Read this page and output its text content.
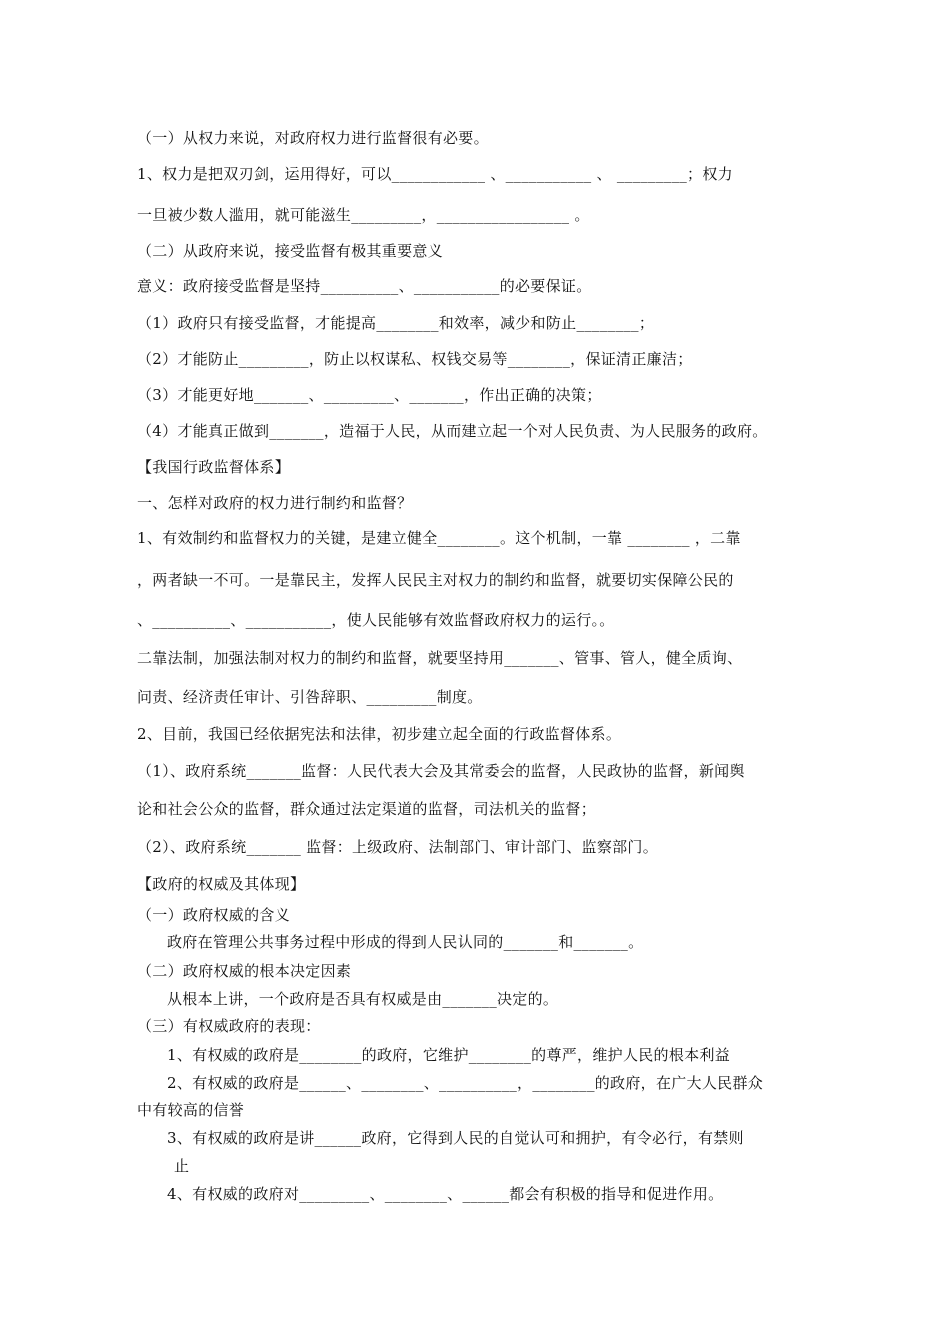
（一）从权力来说，对政府权力进行监督很有必要。
1、权力是把双刃剑，运用得好，可以____________ 、___________ 、 _________；权力
一旦被少数人滥用，就可能滋生_________，_________________ 。
（二）从政府来说，接受监督有极其重要意义
意义：政府接受监督是坚持__________、___________的必要保证。
（1）政府只有接受监督，才能提高________和效率，减少和防止________；
（2）才能防止_________，防止以权谋私、权钱交易等________，保证清正廉洁；
（3）才能更好地_______、_________、_______，作出正确的决策；
（4）才能真正做到_______，造福于人民，从而建立起一个对人民负责、为人民服务的政府。
【我国行政监督体系】
一、怎样对政府的权力进行制约和监督？
1、有效制约和监督权力的关键，是建立健全________。这个机制，一靠 ________ ，二靠
，两者缺一不可。一是靠民主，发挥人民民主对权力的制约和监督，就要切实保障公民的
、__________、___________，使人民能够有效监督政府权力的运行。。
二靠法制，加强法制对权力的制约和监督，就要坚持用_______、管事、管人，健全质询、
问责、经济责任审计、引咎辞职、_________制度。
2、目前，我国已经依据宪法和法律，初步建立起全面的行政监督体系。
（1）、政府系统_______监督：人民代表大会及其常委会的监督，人民政协的监督，新闻舆
论和社会公众的监督，群众通过法定渠道的监督，司法机关的监督；
（2）、政府系统_______ 监督：上级政府、法制部门、审计部门、监察部门。
【政府的权威及其体现】
（一）政府权威的含义
政府在管理公共事务过程中形成的得到人民认同的_______和_______。
（二）政府权威的根本决定因素
从根本上讲，一个政府是否具有权威是由_______决定的。
（三）有权威政府的表现：
1、有权威的政府是________的政府，它维护________的尊严，维护人民的根本利益
2、有权威的政府是______、________、__________，________的政府，在广大人民群众
中有较高的信誉
3、有权威的政府是讲______政府，它得到人民的自觉认可和拥护，有令必行，有禁则
止
4、有权威的政府对_________、________、______都会有积极的指导和促进作用。
